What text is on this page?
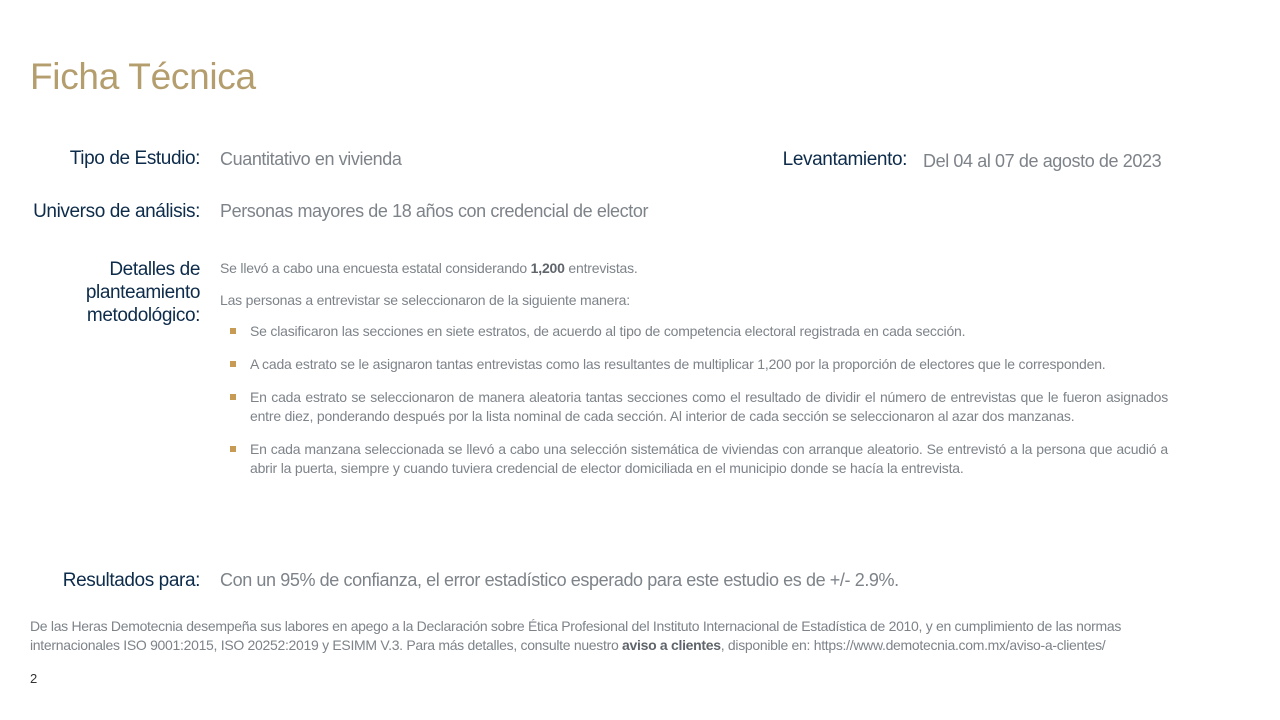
Ficha Técnica
Tipo de Estudio: Cuantitativo en vivienda	Levantamiento: Del 04 al 07 de agosto de 2023
Universo de análisis: Personas mayores de 18 años con credencial de elector
Detalles de
planteamiento
metodológico:
Se llevó a cabo una encuesta estatal considerando 1,200 entrevistas.
Las personas a entrevistar se seleccionaron de la siguiente manera:
Se clasificaron las secciones en siete estratos, de acuerdo al tipo de competencia electoral registrada en cada sección.
A cada estrato se le asignaron tantas entrevistas como las resultantes de multiplicar 1,200 por la proporción de electores que le corresponden.
En cada estrato se seleccionaron de manera aleatoria tantas secciones como el resultado de dividir el número de entrevistas que le fueron asignados entre diez, ponderando después por la lista nominal de cada sección. Al interior de cada sección se seleccionaron al azar dos manzanas.
En cada manzana seleccionada se llevó a cabo una selección sistemática de viviendas con arranque aleatorio. Se entrevistó a la persona que acudió a abrir la puerta, siempre y cuando tuviera credencial de elector domiciliada en el municipio donde se hacía la entrevista.
Resultados para: Con un 95% de confianza, el error estadístico esperado para este estudio es de +/- 2.9%.
De las Heras Demotecnia desempeña sus labores en apego a la Declaración sobre Ética Profesional del Instituto Internacional de Estadística de 2010, y en cumplimiento de las normas internacionales ISO 9001:2015, ISO 20252:2019 y ESIMM V.3. Para más detalles, consulte nuestro aviso a clientes, disponible en: https://www.demotecnia.com.mx/aviso-a-clientes/
2
